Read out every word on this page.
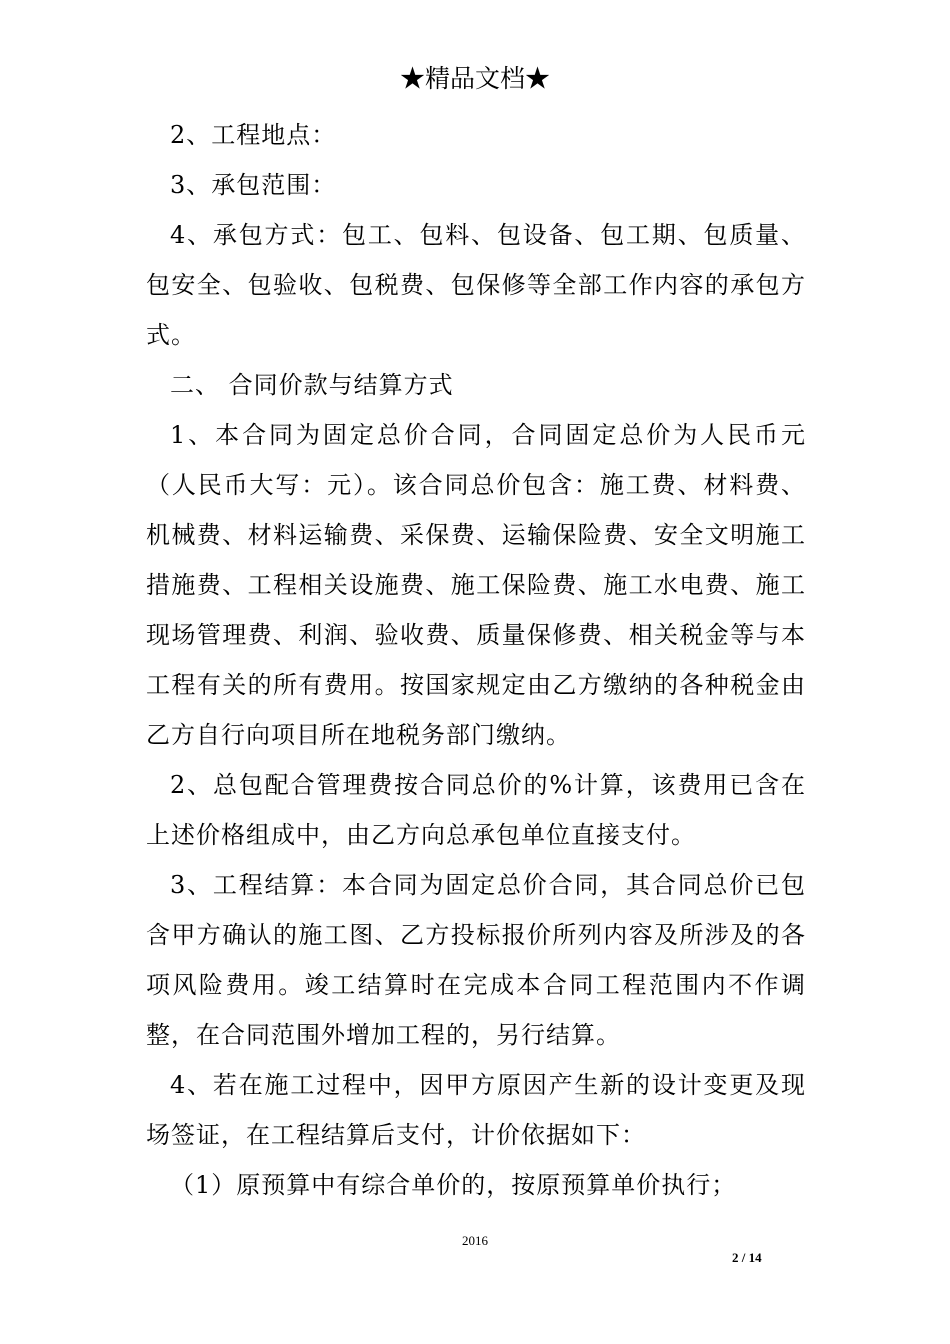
★精品文档★

2、工程地点：

3、承包范围：

4、承包方式：包工、包料、包设备、包工期、包质量、包安全、包验收、包税费、包保修等全部工作内容的承包方式。

二、 合同价款与结算方式

1、本合同为固定总价合同，合同固定总价为人民币元（人民币大写：元）。该合同总价包含：施工费、材料费、机械费、材料运输费、采保费、运输保险费、安全文明施工措施费、工程相关设施费、施工保险费、施工水电费、施工现场管理费、利润、验收费、质量保修费、相关税金等与本工程有关的所有费用。按国家规定由乙方缴纳的各种税金由乙方自行向项目所在地税务部门缴纳。

2、总包配合管理费按合同总价的%计算，该费用已含在上述价格组成中，由乙方向总承包单位直接支付。

3、工程结算：本合同为固定总价合同，其合同总价已包含甲方确认的施工图、乙方投标报价所列内容及所涉及的各项风险费用。竣工结算时在完成本合同工程范围内不作调整，在合同范围外增加工程的，另行结算。

4、若在施工过程中，因甲方原因产生新的设计变更及现场签证，在工程结算后支付，计价依据如下：

（1）原预算中有综合单价的，按原预算单价执行；

2016
2 / 14
